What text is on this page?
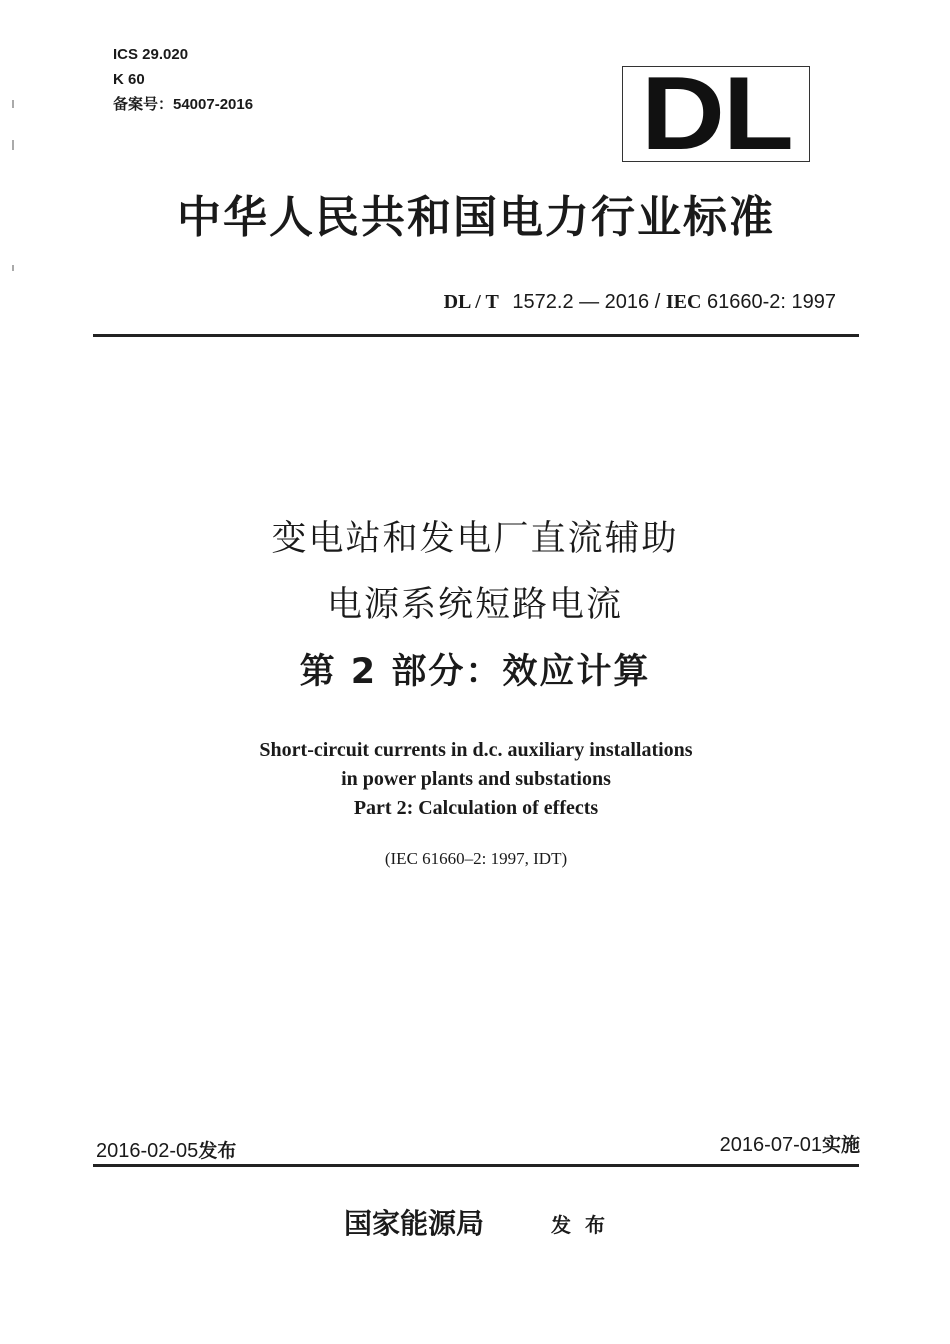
ICS 29.020
K 60
备案号：54007-2016	DL
中华人民共和国电力行业标准
DL / T 1572.2 — 2016 / IEC 61660-2: 1997
变电站和发电厂直流辅助
电源系统短路电流
第 2 部分：效应计算
Short-circuit currents in d.c. auxiliary installations
in power plants and substations
Part 2: Calculation of effects
(IEC 61660–2: 1997, IDT)
2016-02-05发布	2016-07-01实施
国家能源局	发布
